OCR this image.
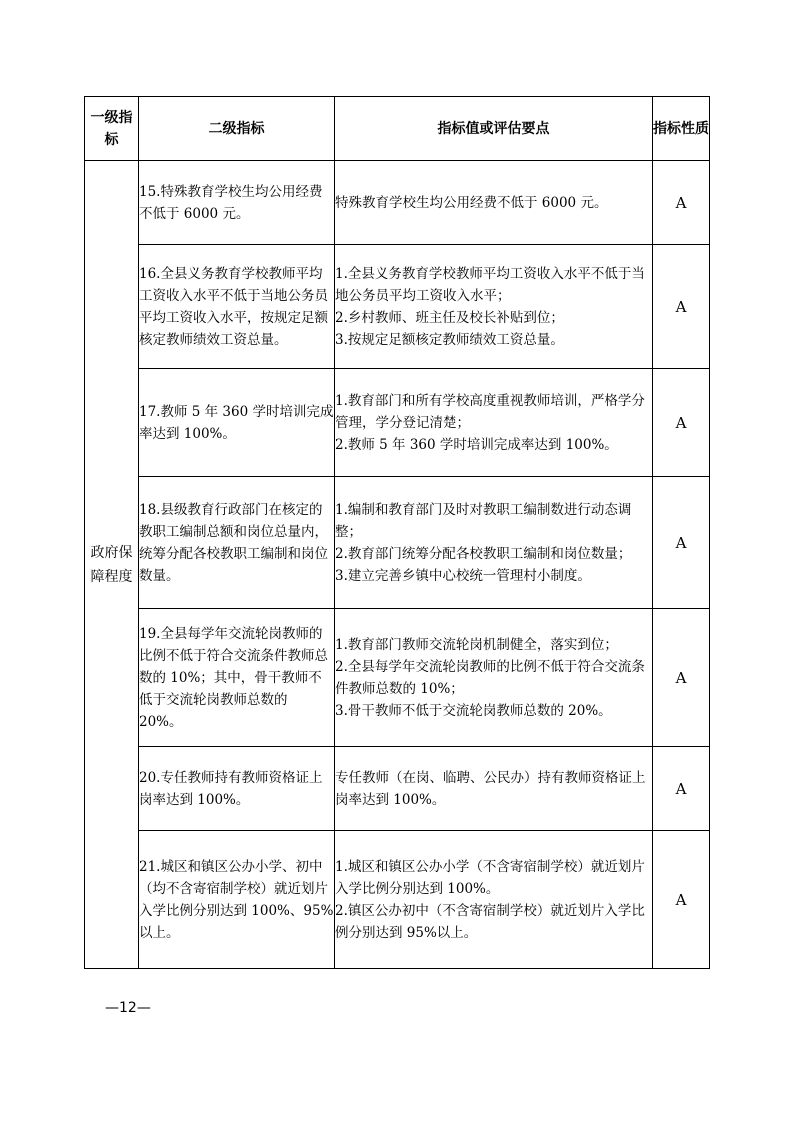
一级指标	二级指标	指标值或评估要点	指标性质
政府保障程度	15.特殊教育学校生均公用经费不低于 6000 元。	特殊教育学校生均公用经费不低于 6000 元。	A
	16.全县义务教育学校教师平均工资收入水平不低于当地公务员平均工资收入水平，按规定足额核定教师绩效工资总量。	1.全县义务教育学校教师平均工资收入水平不低于当地公务员平均工资收入水平；
2.乡村教师、班主任及校长补贴到位；
3.按规定足额核定教师绩效工资总量。	A
	17.教师 5 年 360 学时培训完成率达到 100%。	1.教育部门和所有学校高度重视教师培训，严格学分管理，学分登记清楚；
2.教师 5 年 360 学时培训完成率达到 100%。	A
	18.县级教育行政部门在核定的教职工编制总额和岗位总量内，统筹分配各校教职工编制和岗位数量。	1.编制和教育部门及时对教职工编制数进行动态调整；
2.教育部门统筹分配各校教职工编制和岗位数量；
3.建立完善乡镇中心校统一管理村小制度。	A
	19.全县每学年交流轮岗教师的比例不低于符合交流条件教师总数的 10%；其中，骨干教师不低于交流轮岗教师总数的 20%。	1.教育部门教师交流轮岗机制健全，落实到位；
2.全县每学年交流轮岗教师的比例不低于符合交流条件教师总数的 10%；
3.骨干教师不低于交流轮岗教师总数的 20%。	A
	20.专任教师持有教师资格证上岗率达到 100%。	专任教师（在岗、临聘、公民办）持有教师资格证上岗率达到 100%。	A
	21.城区和镇区公办小学、初中（均不含寄宿制学校）就近划片入学比例分别达到 100%、95%以上。	1.城区和镇区公办小学（不含寄宿制学校）就近划片入学比例分别达到 100%。
2.镇区公办初中（不含寄宿制学校）就近划片入学比例分别达到 95%以上。	A
—12—
